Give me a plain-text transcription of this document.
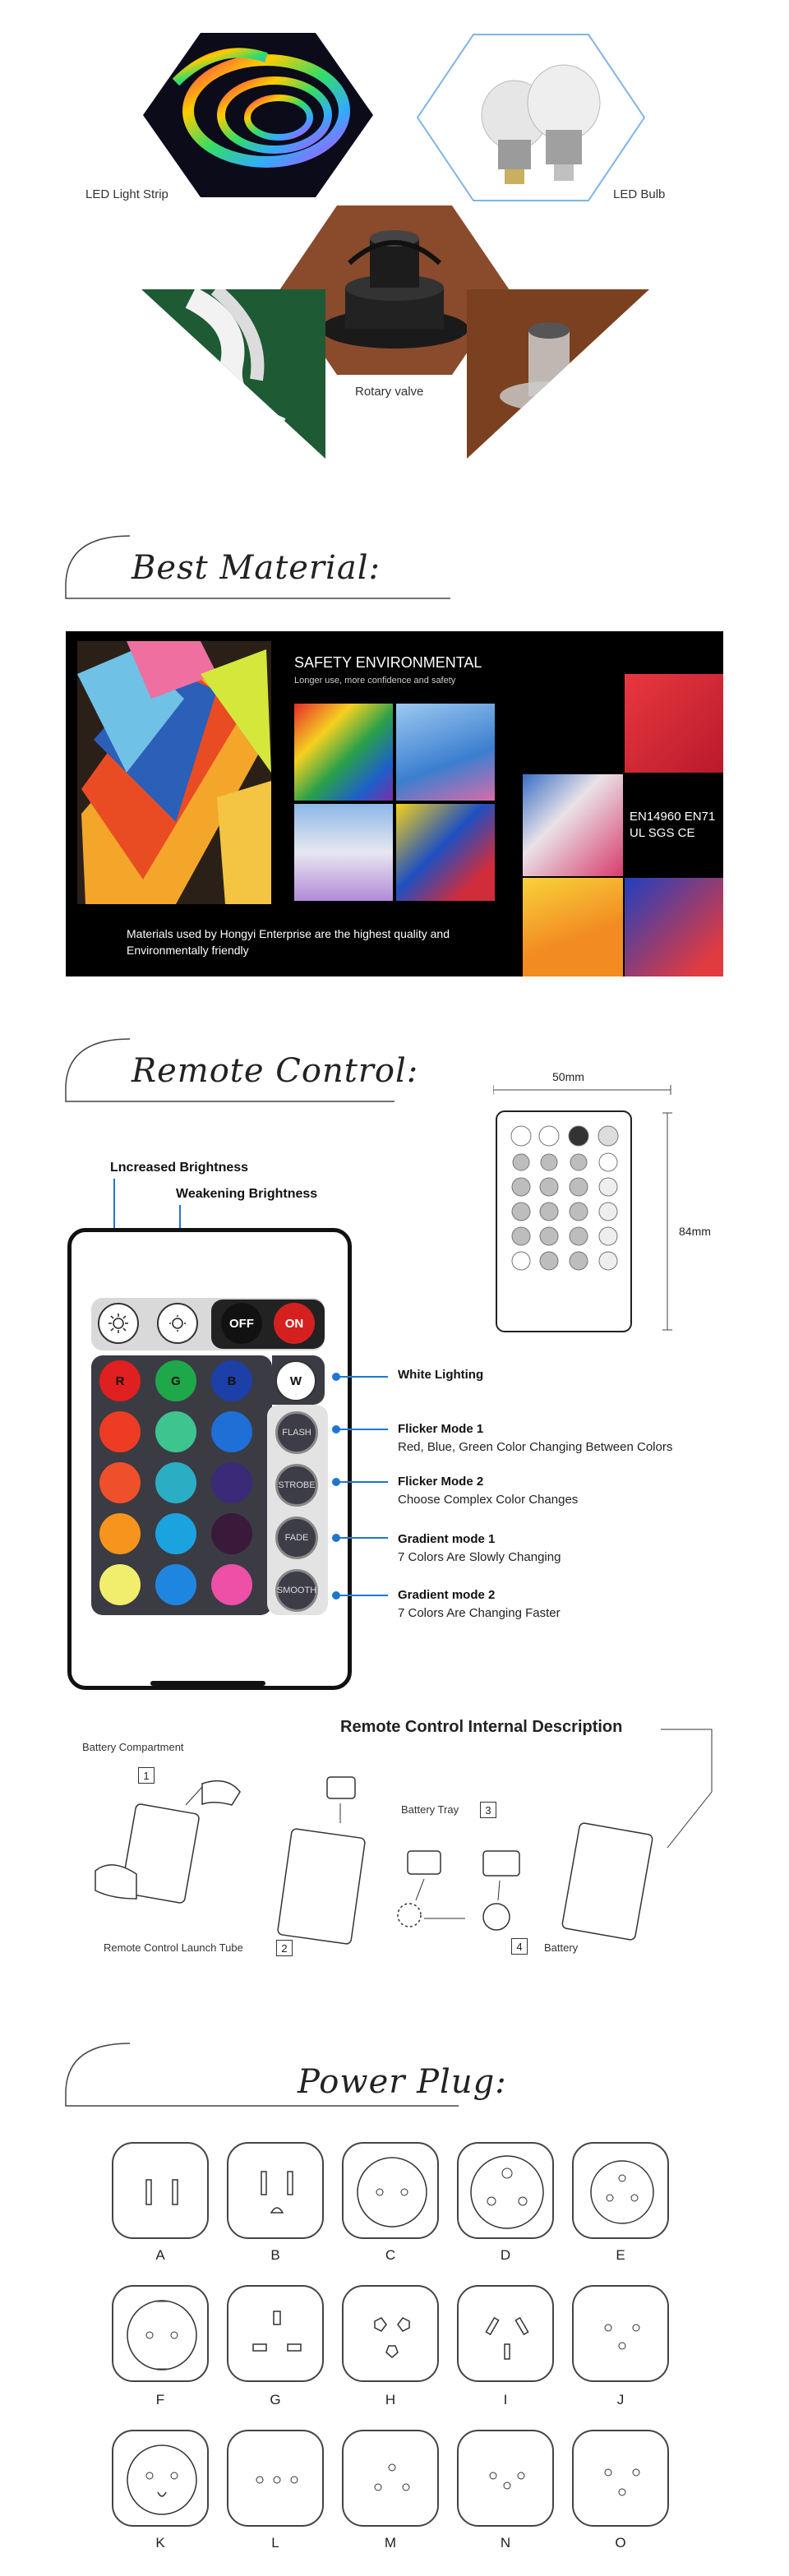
LED Light Strip	LED Bulb
Rotary valve
Best Material:
SAFETY ENVIRONMENTAL
Longer use, more confidence and safety
EN14960 EN71 UL SGS CE
Materials used by Hongyi Enterprise are the highest quality and Environmentally friendly
Remote Control:	50mm
84mm
Lncreased Brightness
Weakening Brightness
OFF	ON
R	G	B	W
FLASH
STROBE
FADE
SMOOTH
White Lighting
Flicker Mode 1
Red, Blue, Green Color Changing Between Colors
Flicker Mode 2
Choose Complex Color Changes
Gradient mode 1
7 Colors Are Slowly Changing
Gradient mode 2
7 Colors Are Changing Faster
Remote Control Internal Description
Battery Compartment
1
Remote Control Launch Tube	2
Battery Tray	3
4	Battery
Power Plug:
A	B	C	D	E
F	G	H	I	J
K	L	M	N	O
